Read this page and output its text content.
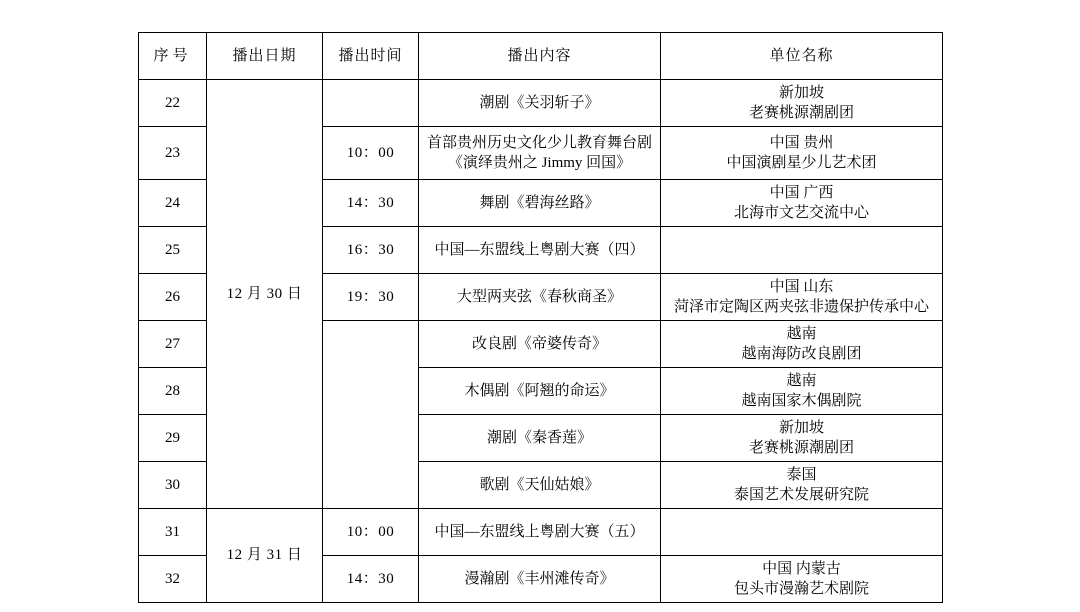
序号	播出日期	播出时间	播出内容	单位名称
22	12 月 30 日		潮剧《关羽斩子》	新加坡
老赛桃源潮剧团

23		10：00	首部贵州历史文化少儿教育舞台剧
《演绎贵州之 Jimmy 回国》	中国 贵州
中国演剧星少儿艺术团

24		14：30	舞剧《碧海丝路》	中国 广西
北海市文艺交流中心

25		16：30	中国—东盟线上粤剧大赛（四）	
26		19：30	大型两夹弦《春秋商圣》	中国 山东
菏泽市定陶区两夹弦非遗保护传承中心

27			改良剧《帝婆传奇》	越南
越南海防改良剧团

28			木偶剧《阿翘的命运》	越南
越南国家木偶剧院

29			潮剧《秦香莲》	新加坡
老赛桃源潮剧团

30			歌剧《天仙姑娘》	泰国
泰国艺术发展研究院

31	12 月 31 日	10：00	中国—东盟线上粤剧大赛（五）	
32		14：30	漫瀚剧《丰州滩传奇》	中国 内蒙古
包头市漫瀚艺术剧院
